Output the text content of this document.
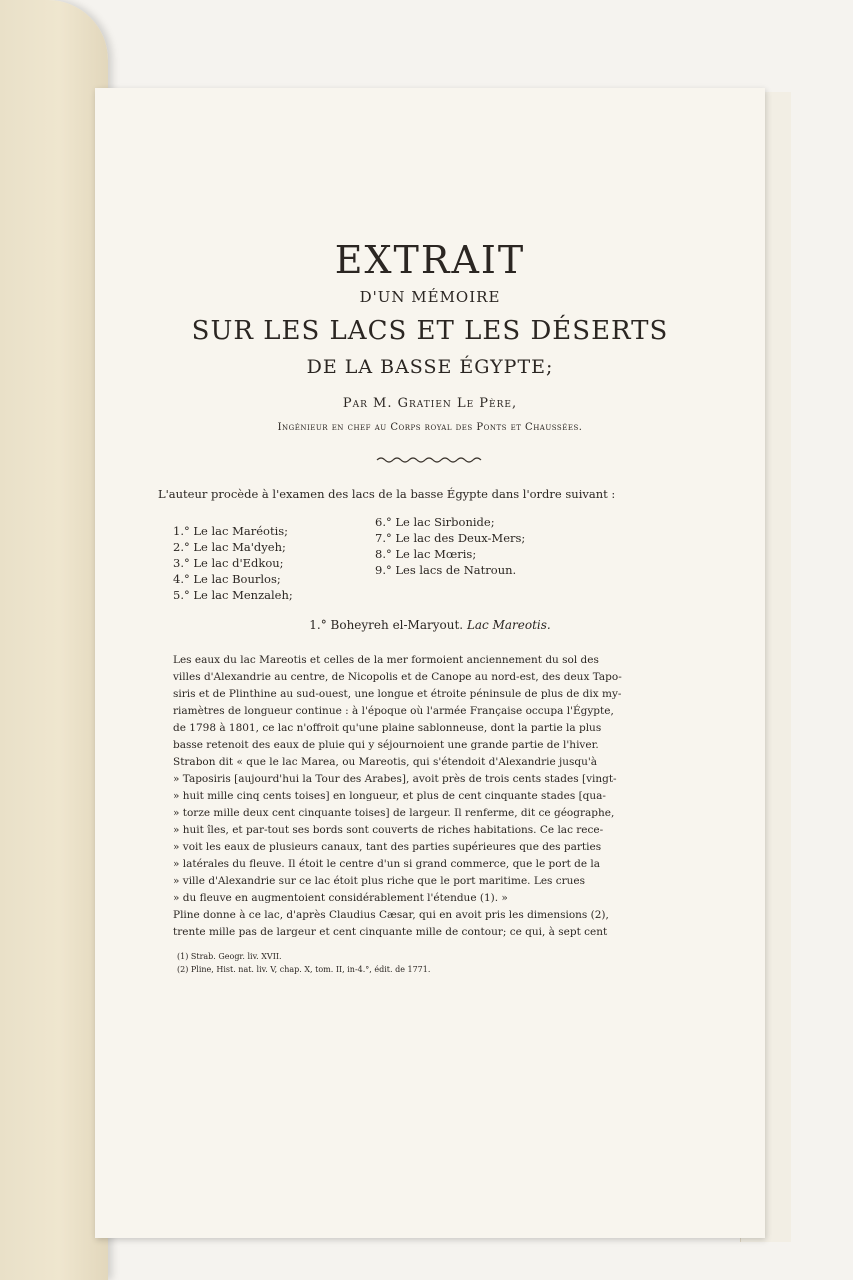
EXTRAIT
D'UN MÉMOIRE
SUR LES LACS ET LES DÉSERTS
DE LA BASSE ÉGYPTE;
Par M. Gratien Le Père,
Ingénieur en chef au Corps royal des Ponts et Chaussées.
L'auteur procède à l'examen des lacs de la basse Égypte dans l'ordre suivant :
1.° Le lac Maréotis;
2.° Le lac Ma'dyeh;
3.° Le lac d'Edkou;
4.° Le lac Bourlos;
5.° Le lac Menzaleh;
6.° Le lac Sirbonide;
7.° Le lac des Deux-Mers;
8.° Le lac Mœris;
9.° Les lacs de Natroun.
1.° Boheyreh el-Maryout. Lac Mareotis.
Les eaux du lac Mareotis et celles de la mer formoient anciennement du sol des
villes d'Alexandrie au centre, de Nicopolis et de Canope au nord-est, des deux Tapo-
siris et de Plinthine au sud-ouest, une longue et étroite péninsule de plus de dix my-
riamètres de longueur continue : à l'époque où l'armée Française occupa l'Égypte,
de 1798 à 1801, ce lac n'offroit qu'une plaine sablonneuse, dont la partie la plus
basse retenoit des eaux de pluie qui y séjournoient une grande partie de l'hiver.
Strabon dit « que le lac Marea, ou Mareotis, qui s'étendoit d'Alexandrie jusqu'à
» Taposiris [aujourd'hui la Tour des Arabes], avoit près de trois cents stades [vingt-
» huit mille cinq cents toises] en longueur, et plus de cent cinquante stades [qua-
» torze mille deux cent cinquante toises] de largeur. Il renferme, dit ce géographe,
» huit îles, et par-tout ses bords sont couverts de riches habitations. Ce lac rece-
» voit les eaux de plusieurs canaux, tant des parties supérieures que des parties
» latérales du fleuve. Il étoit le centre d'un si grand commerce, que le port de la
» ville d'Alexandrie sur ce lac étoit plus riche que le port maritime. Les crues
» du fleuve en augmentoient considérablement l'étendue (1). »
Pline donne à ce lac, d'après Claudius Cæsar, qui en avoit pris les dimensions (2),
trente mille pas de largeur et cent cinquante mille de contour; ce qui, à sept cent
(1) Strab. Geogr. liv. XVII.
(2) Pline, Hist. nat. liv. V, chap. X, tom. II, in-4.°, édit. de 1771.
